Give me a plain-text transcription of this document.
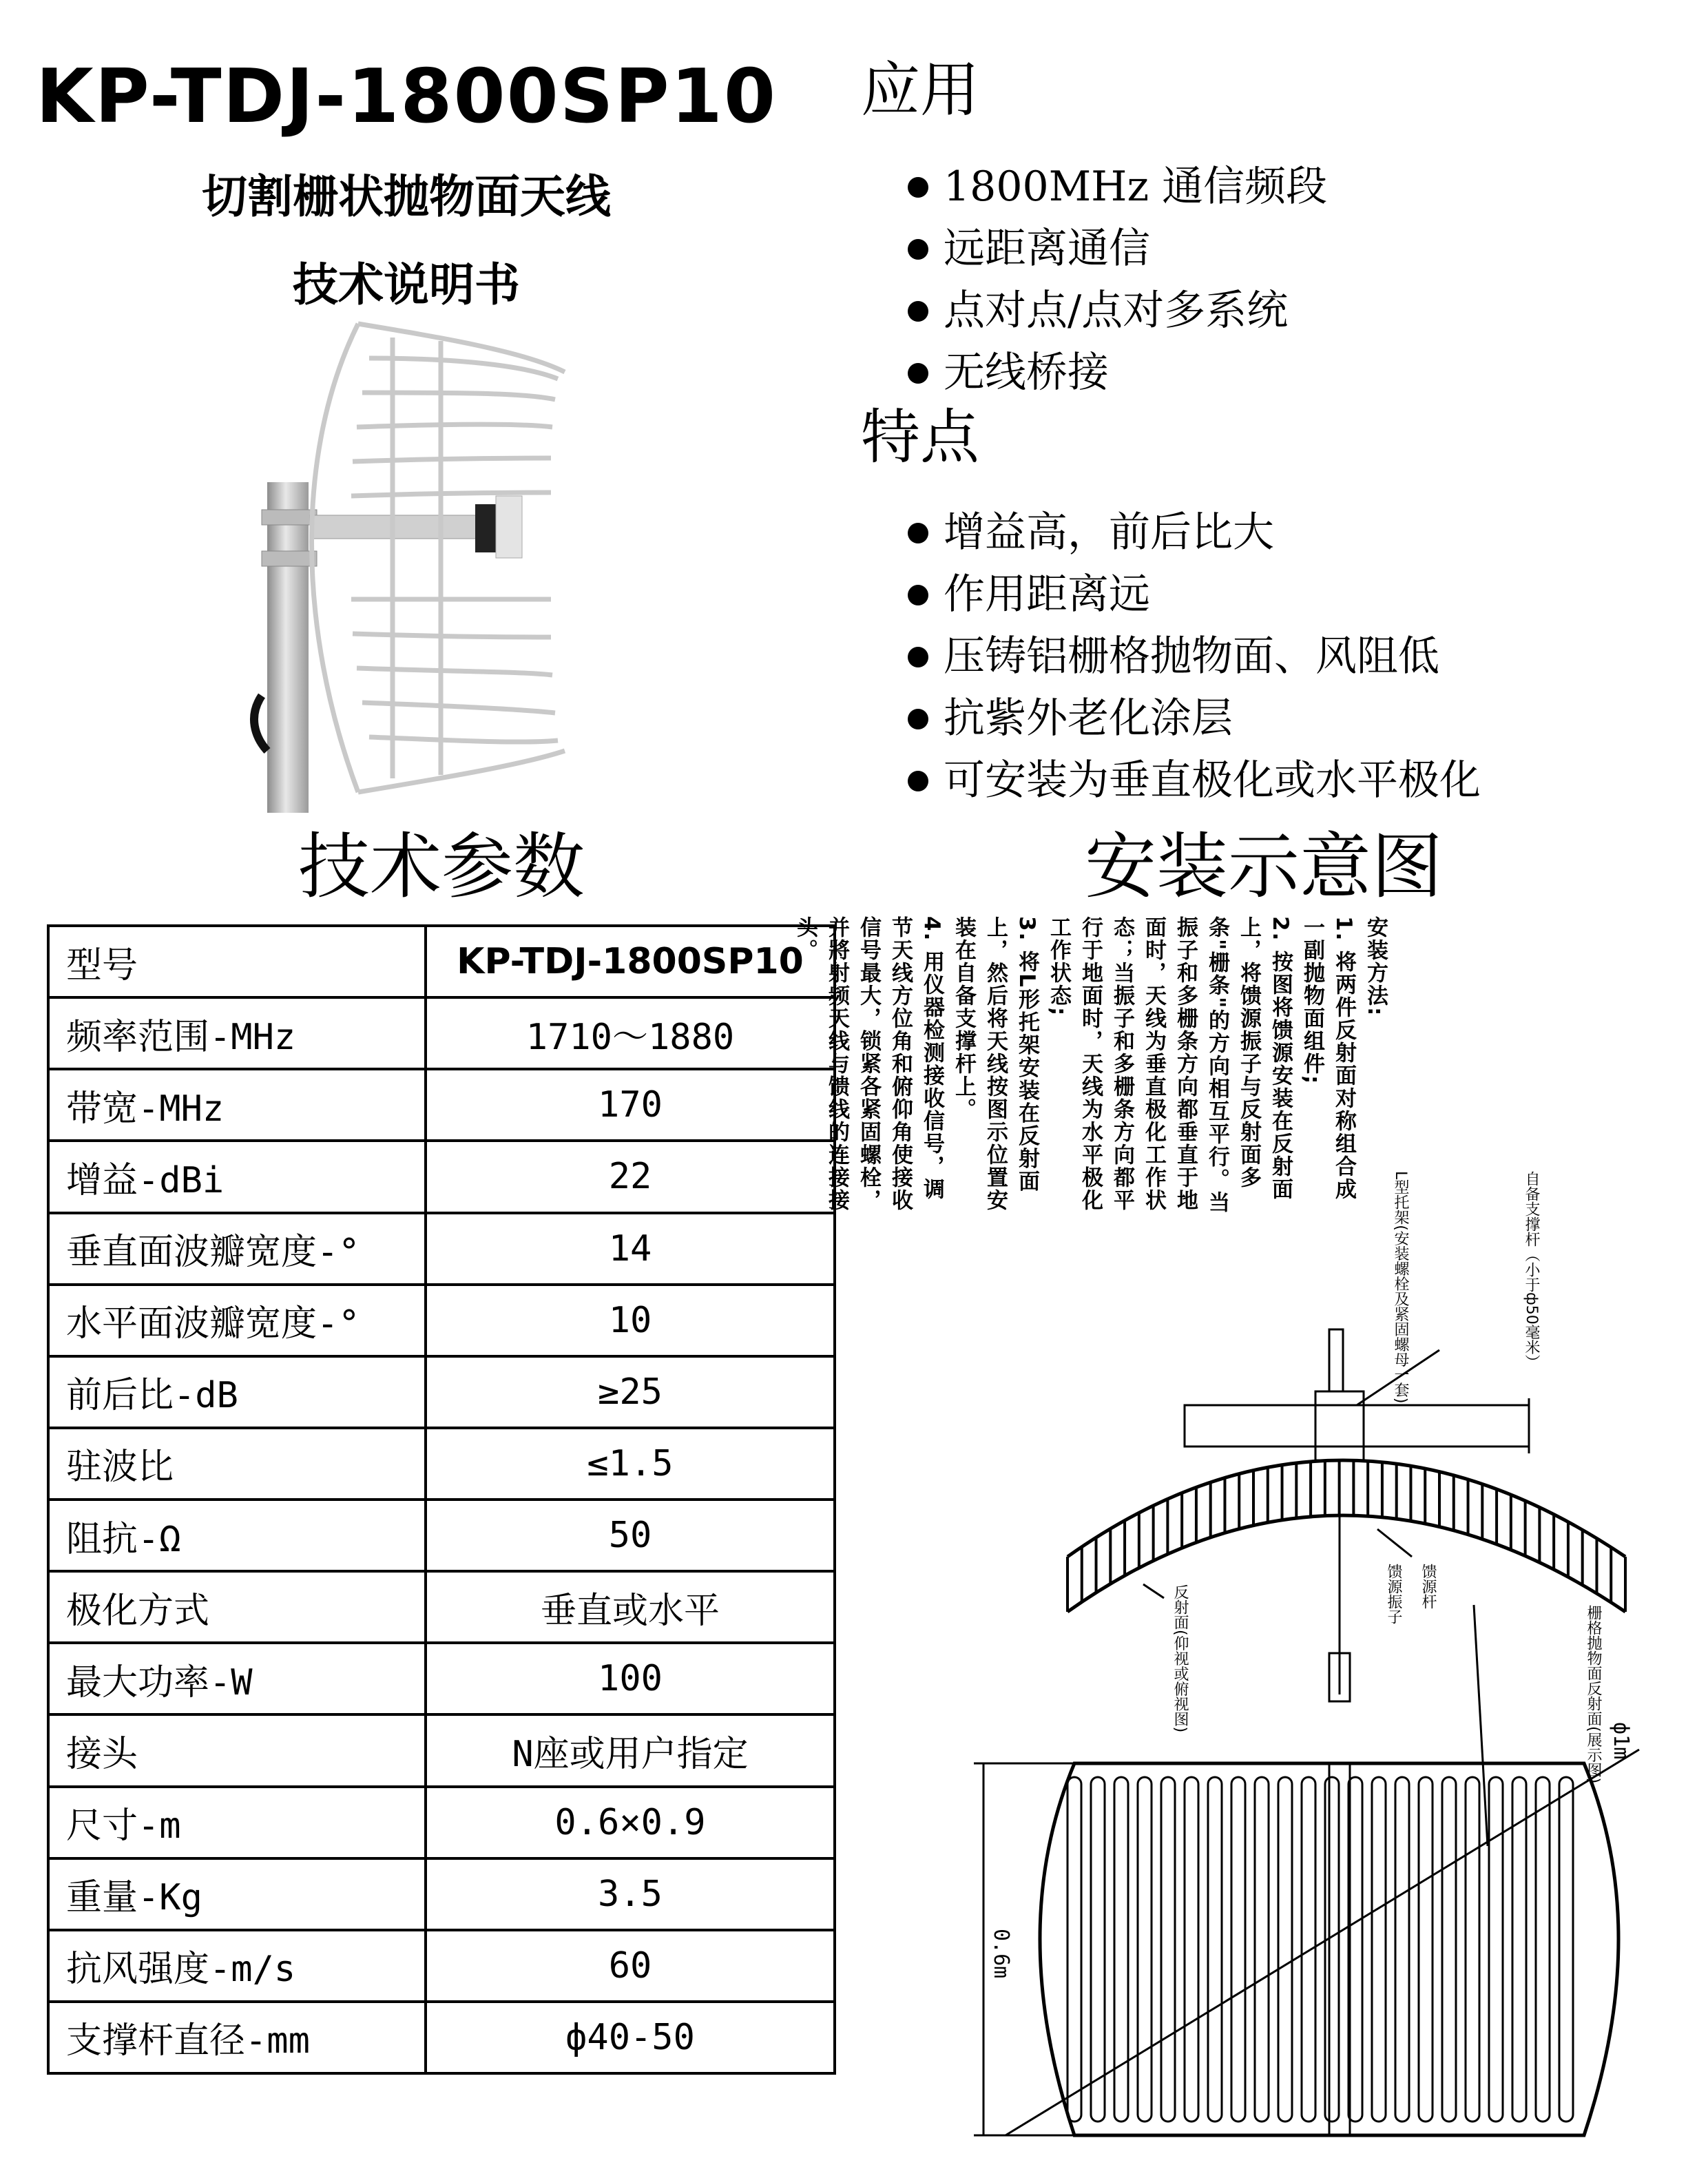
KP-TDJ-1800SP10
切割栅状抛物面天线
技术说明书
应用
1800MHz 通信频段
远距离通信
点对点/点对多系统
无线桥接
特点
增益高，前后比大
作用距离远
压铸铝栅格抛物面、风阻低
抗紫外老化涂层
可安装为垂直极化或水平极化
技术参数	安装示意图
型号	KP-TDJ-1800SP10
频率范围-MHz	1710～1880
带宽-MHz	170
增益-dBi	22
垂直面波瓣宽度-°	14
水平面波瓣宽度-°	10
前后比-dB	≥25
驻波比	≤1.5
阻抗-Ω	50
极化方式	垂直或水平
最大功率-W	100
接头	N座或用户指定
尺寸-m	0.6×0.9
重量-Kg	3.5
抗风强度-m/s	60
支撑杆直径-mm	ф40-50
安装方法:
1. 将两件反射面对称组合成一副抛物面组件;
2. 按图将馈源安装在反射面上，将馈源振子与反射面多条"栅条"的方向相互平行。当振子和多栅条方向都垂直于地面时，天线为垂直极化工作状态；当振子和多栅条方向都平行于地面时，天线为水平极化工作状态;
3. 将L形托架安装在反射面上，然后将天线按图示位置安装在自备支撑杆上。
4. 用仪器检测接收信号，调节天线方位角和俯仰角使接收信号最大，锁紧各紧固螺栓，并將射频天线与馈线的连接接头。
自备支撑杆（小于ф50毫米）
L型托架(安装螺栓及紧固螺母一套)
馈源杆
馈源振子
反射面(仰视或俯视图)	栅格抛物面反射面(展示图)
0.6m
ф1m
